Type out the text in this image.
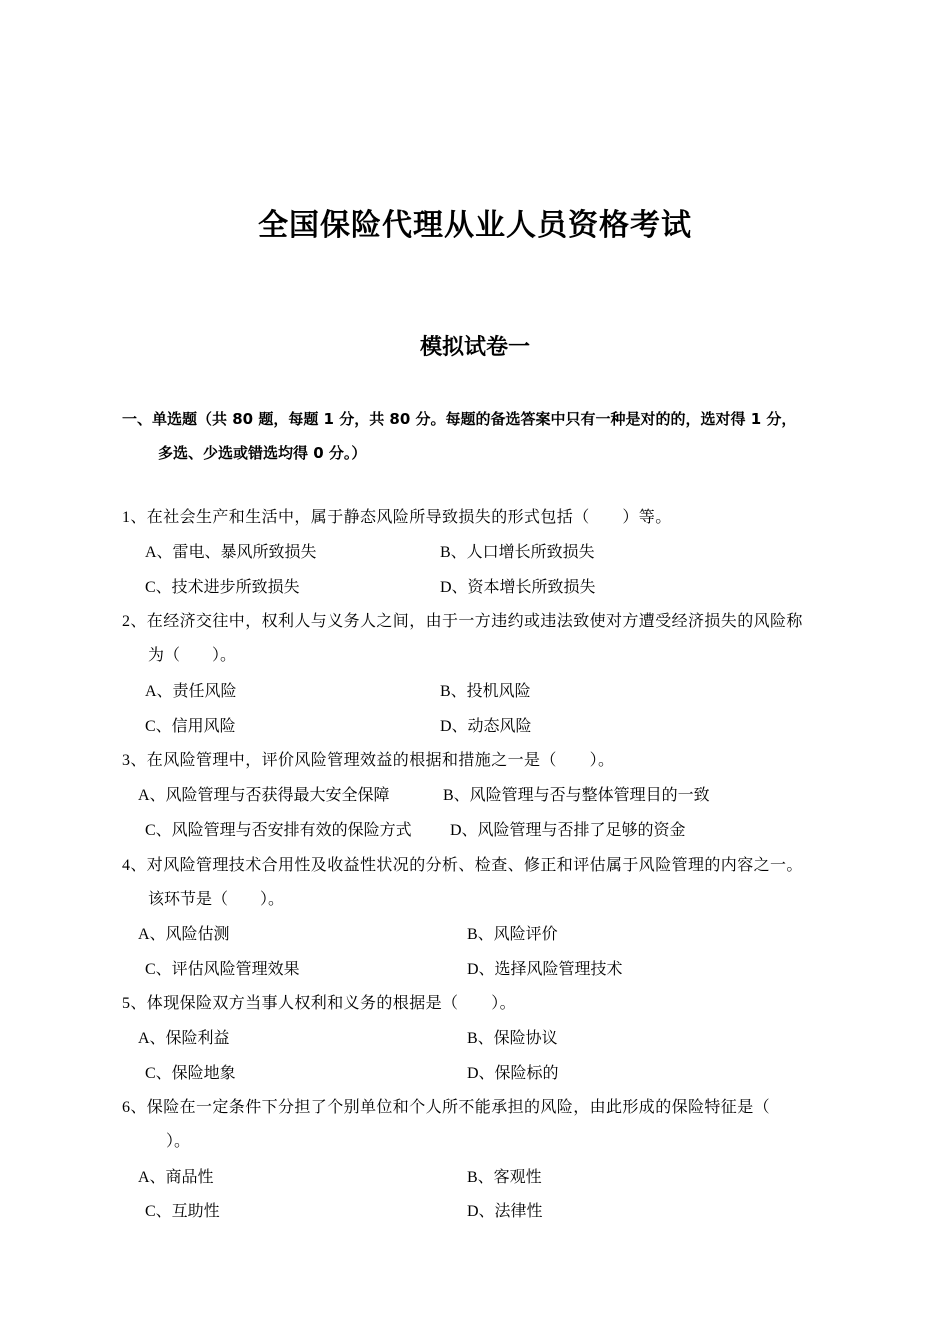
全国保险代理从业人员资格考试
模拟试卷一
一、单选题（共 80 题，每题 1 分，共 80 分。每题的备选答案中只有一种是对的的，选对得 1 分，
多选、少选或错选均得 0 分。）
1、在社会生产和生活中，属于静态风险所导致损失的形式包括（　　）等。
A、雷电、暴风所致损失	B、人口增长所致损失
C、技术进步所致损失	D、资本增长所致损失
2、在经济交往中，权利人与义务人之间，由于一方违约或违法致使对方遭受经济损失的风险称
为（　　）。
A、责任风险	B、投机风险
C、信用风险	D、动态风险
3、在风险管理中，评价风险管理效益的根据和措施之一是（　　）。
A、风险管理与否获得最大安全保障	B、风险管理与否与整体管理目的一致
C、风险管理与否安排有效的保险方式 D、风险管理与否排了足够的资金
4、对风险管理技术合用性及收益性状况的分析、检查、修正和评估属于风险管理的内容之一。
该环节是（　　）。
A、风险估测	B、风险评价
C、评估风险管理效果	D、选择风险管理技术
5、体现保险双方当事人权利和义务的根据是（　　）。
A、保险利益	B、保险协议
C、保险地象	D、保险标的
6、保险在一定条件下分担了个别单位和个人所不能承担的风险，由此形成的保险特征是（
）。
A、商品性	B、客观性
C、互助性	D、法律性
